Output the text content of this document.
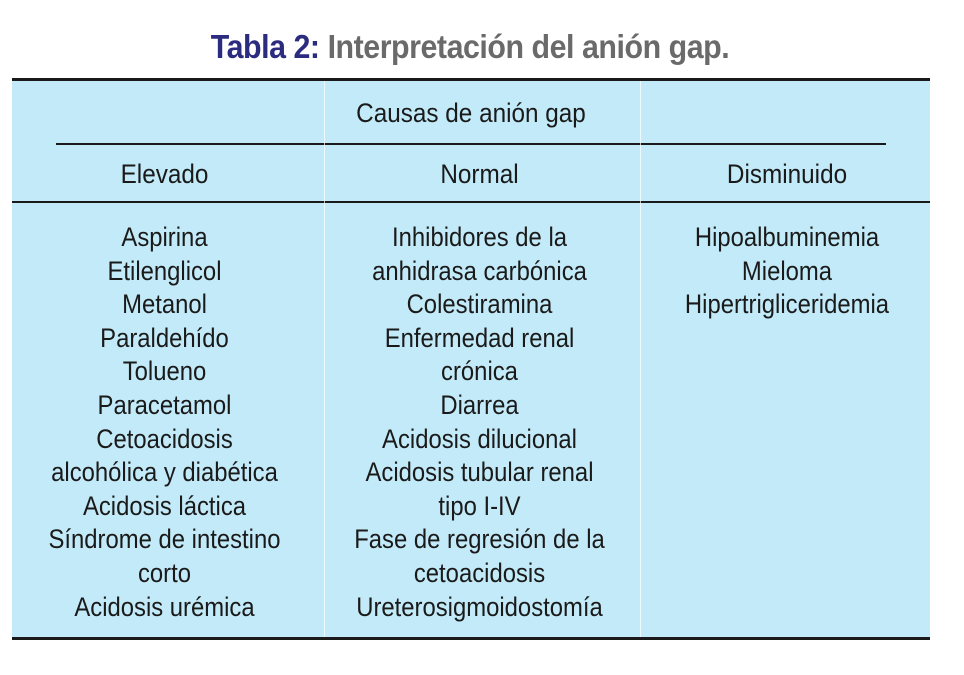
Tabla 2: Interpretación del anión gap.
Causas de anión gap
Elevado	Normal	Disminuido
Aspirina
Etilenglicol
Metanol
Paraldehído
Tolueno
Paracetamol
Cetoacidosis
alcohólica y diabética
Acidosis láctica
Síndrome de intestino
corto
Acidosis urémica
Inhibidores de la
anhidrasa carbónica
Colestiramina
Enfermedad renal
crónica
Diarrea
Acidosis dilucional
Acidosis tubular renal
tipo I-IV
Fase de regresión de la
cetoacidosis
Ureterosigmoidostomía
Hipoalbuminemia
Mieloma
Hipertrigliceridemia
